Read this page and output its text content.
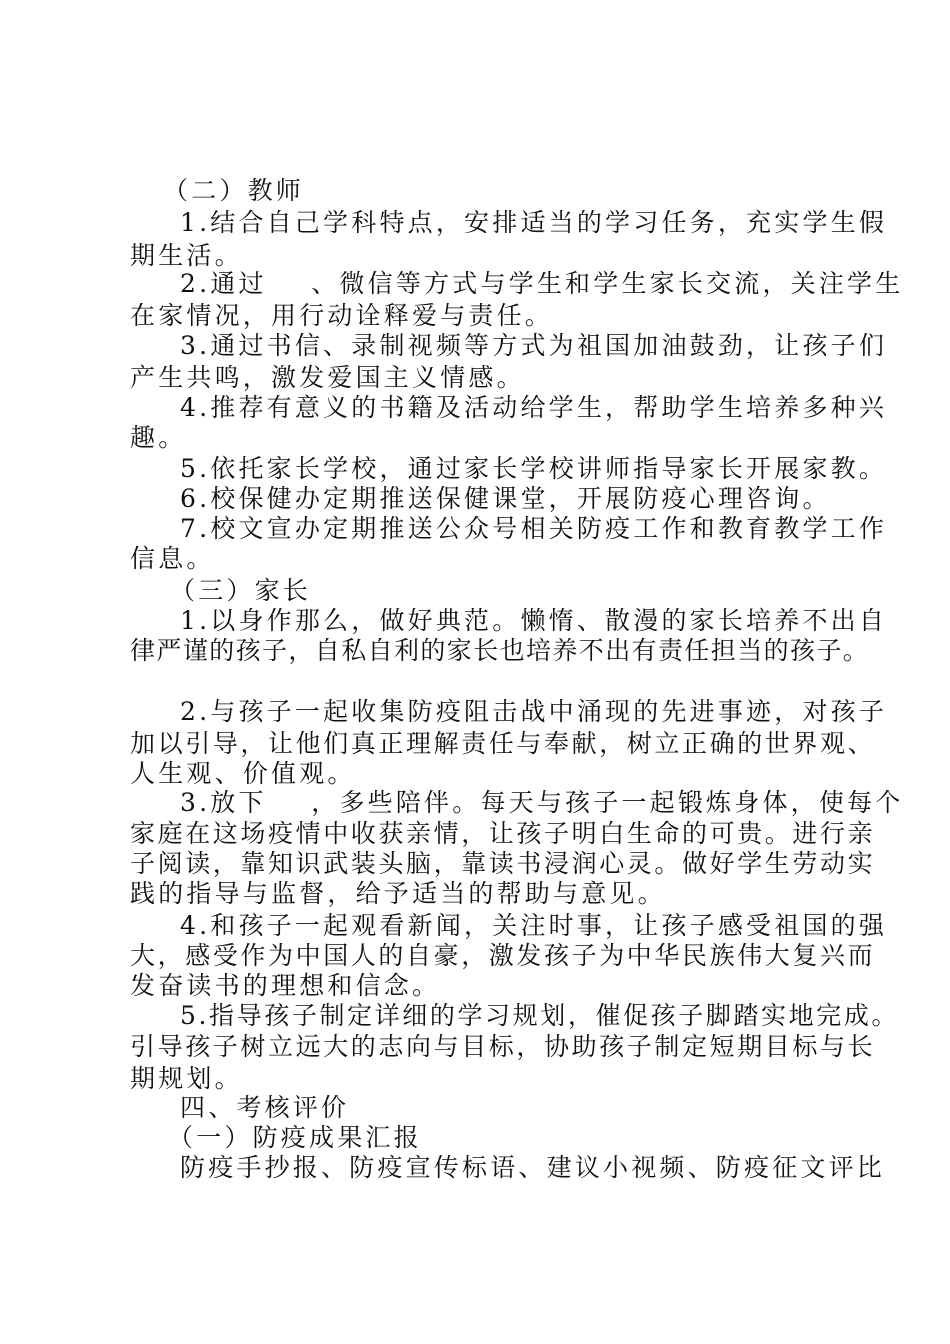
（二）教师
1.结合自己学科特点，安排适当的学习任务，充实学生假
期生活。
2.通过    、微信等方式与学生和学生家长交流，关注学生
在家情况，用行动诠释爱与责任。
3.通过书信、录制视频等方式为祖国加油鼓劲，让孩子们
产生共鸣，激发爱国主义情感。
4.推荐有意义的书籍及活动给学生，帮助学生培养多种兴
趣。
5.依托家长学校，通过家长学校讲师指导家长开展家教。
6.校保健办定期推送保健课堂，开展防疫心理咨询。
7.校文宣办定期推送公众号相关防疫工作和教育教学工作
信息。
（三）家长
1.以身作那么，做好典范。懒惰、散漫的家长培养不出自
律严谨的孩子，自私自利的家长也培养不出有责任担当的孩子。
2.与孩子一起收集防疫阻击战中涌现的先进事迹，对孩子
加以引导，让他们真正理解责任与奉献，树立正确的世界观、
人生观、价值观。
3.放下    ，多些陪伴。每天与孩子一起锻炼身体，使每个
家庭在这场疫情中收获亲情，让孩子明白生命的可贵。进行亲
子阅读，靠知识武装头脑，靠读书浸润心灵。做好学生劳动实
践的指导与监督，给予适当的帮助与意见。
4.和孩子一起观看新闻，关注时事，让孩子感受祖国的强
大，感受作为中国人的自豪，激发孩子为中华民族伟大复兴而
发奋读书的理想和信念。
5.指导孩子制定详细的学习规划，催促孩子脚踏实地完成。
引导孩子树立远大的志向与目标，协助孩子制定短期目标与长
期规划。
四、考核评价
（一）防疫成果汇报
防疫手抄报、防疫宣传标语、建议小视频、防疫征文评比
